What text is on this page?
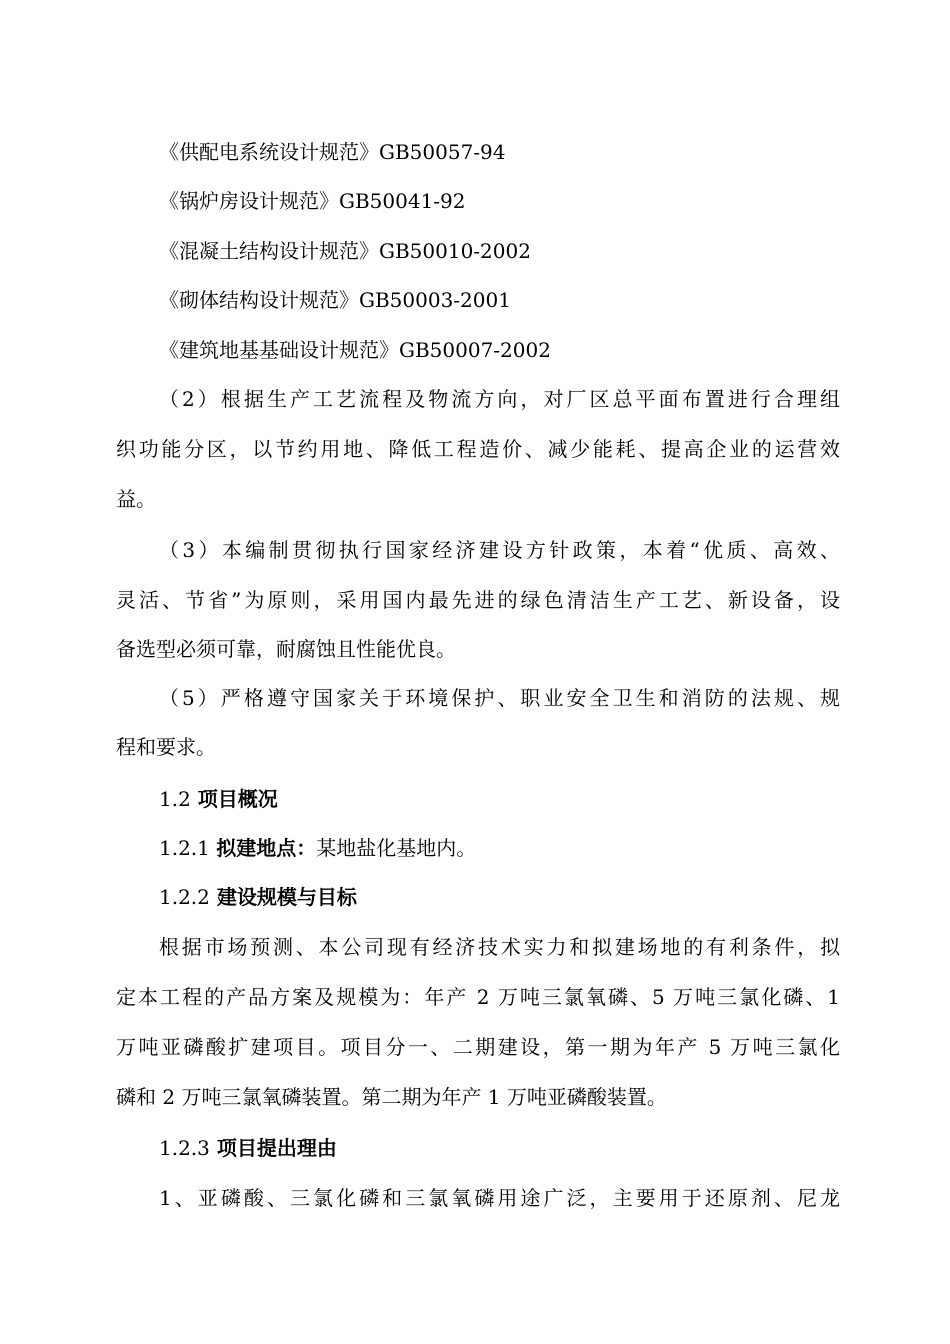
《供配电系统设计规范》GB50057-94
《锅炉房设计规范》GB50041-92
《混凝土结构设计规范》GB50010-2002
《砌体结构设计规范》GB50003-2001
《建筑地基基础设计规范》GB50007-2002
（2）根据生产工艺流程及物流方向，对厂区总平面布置进行合理组
织功能分区，以节约用地、降低工程造价、减少能耗、提高企业的运营效
益。
（3）本编制贯彻执行国家经济建设方针政策，本着“优质、高效、
灵活、节省”为原则，采用国内最先进的绿色清洁生产工艺、新设备，设
备选型必须可靠，耐腐蚀且性能优良。
（5）严格遵守国家关于环境保护、职业安全卫生和消防的法规、规
程和要求。
1.2 项目概况
1.2.1 拟建地点：某地盐化基地内。
1.2.2 建设规模与目标
根据市场预测、本公司现有经济技术实力和拟建场地的有利条件，拟
定本工程的产品方案及规模为：年产 2 万吨三氯氧磷、5 万吨三氯化磷、1
万吨亚磷酸扩建项目。项目分一、二期建设，第一期为年产 5 万吨三氯化
磷和 2 万吨三氯氧磷装置。第二期为年产 1 万吨亚磷酸装置。
1.2.3 项目提出理由
1、亚磷酸、三氯化磷和三氯氧磷用途广泛，主要用于还原剂、尼龙
